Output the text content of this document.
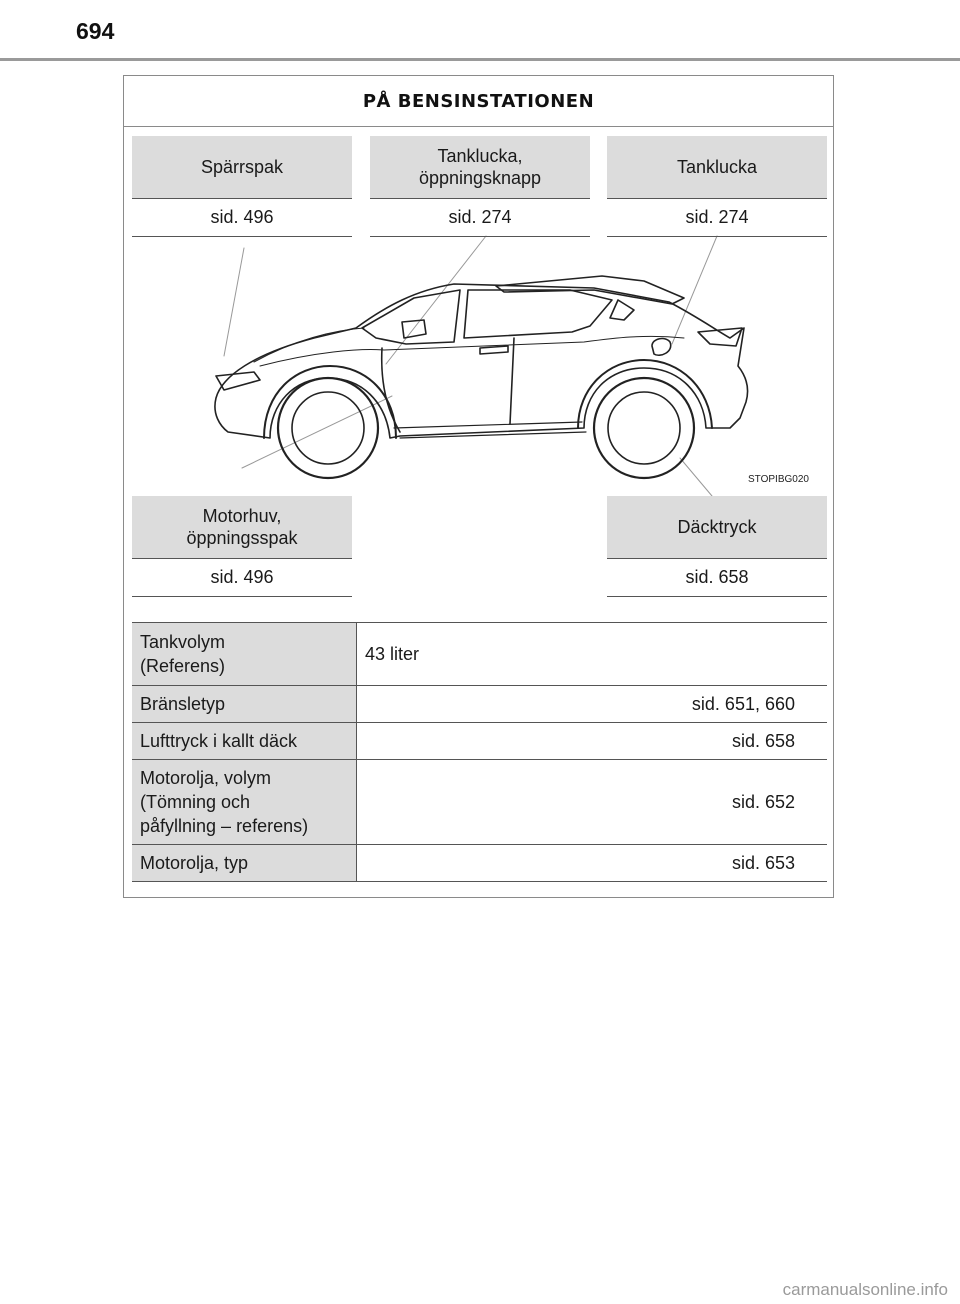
694
PÅ BENSINSTATIONEN
Spärrspak
sid. 496
Tanklucka,
öppningsknapp
sid. 274
Tanklucka
sid. 274
STOPIBG020
Motorhuv,
öppningsspak
sid. 496
Däcktryck
sid. 658
Tankvolym
(Referens)	43 liter
Bränsletyp	sid. 651, 660
Lufttryck i kallt däck	sid. 658
Motorolja, volym
(Tömning och
påfyllning – referens)	sid. 652
Motorolja, typ	sid. 653
carmanualsonline.info
